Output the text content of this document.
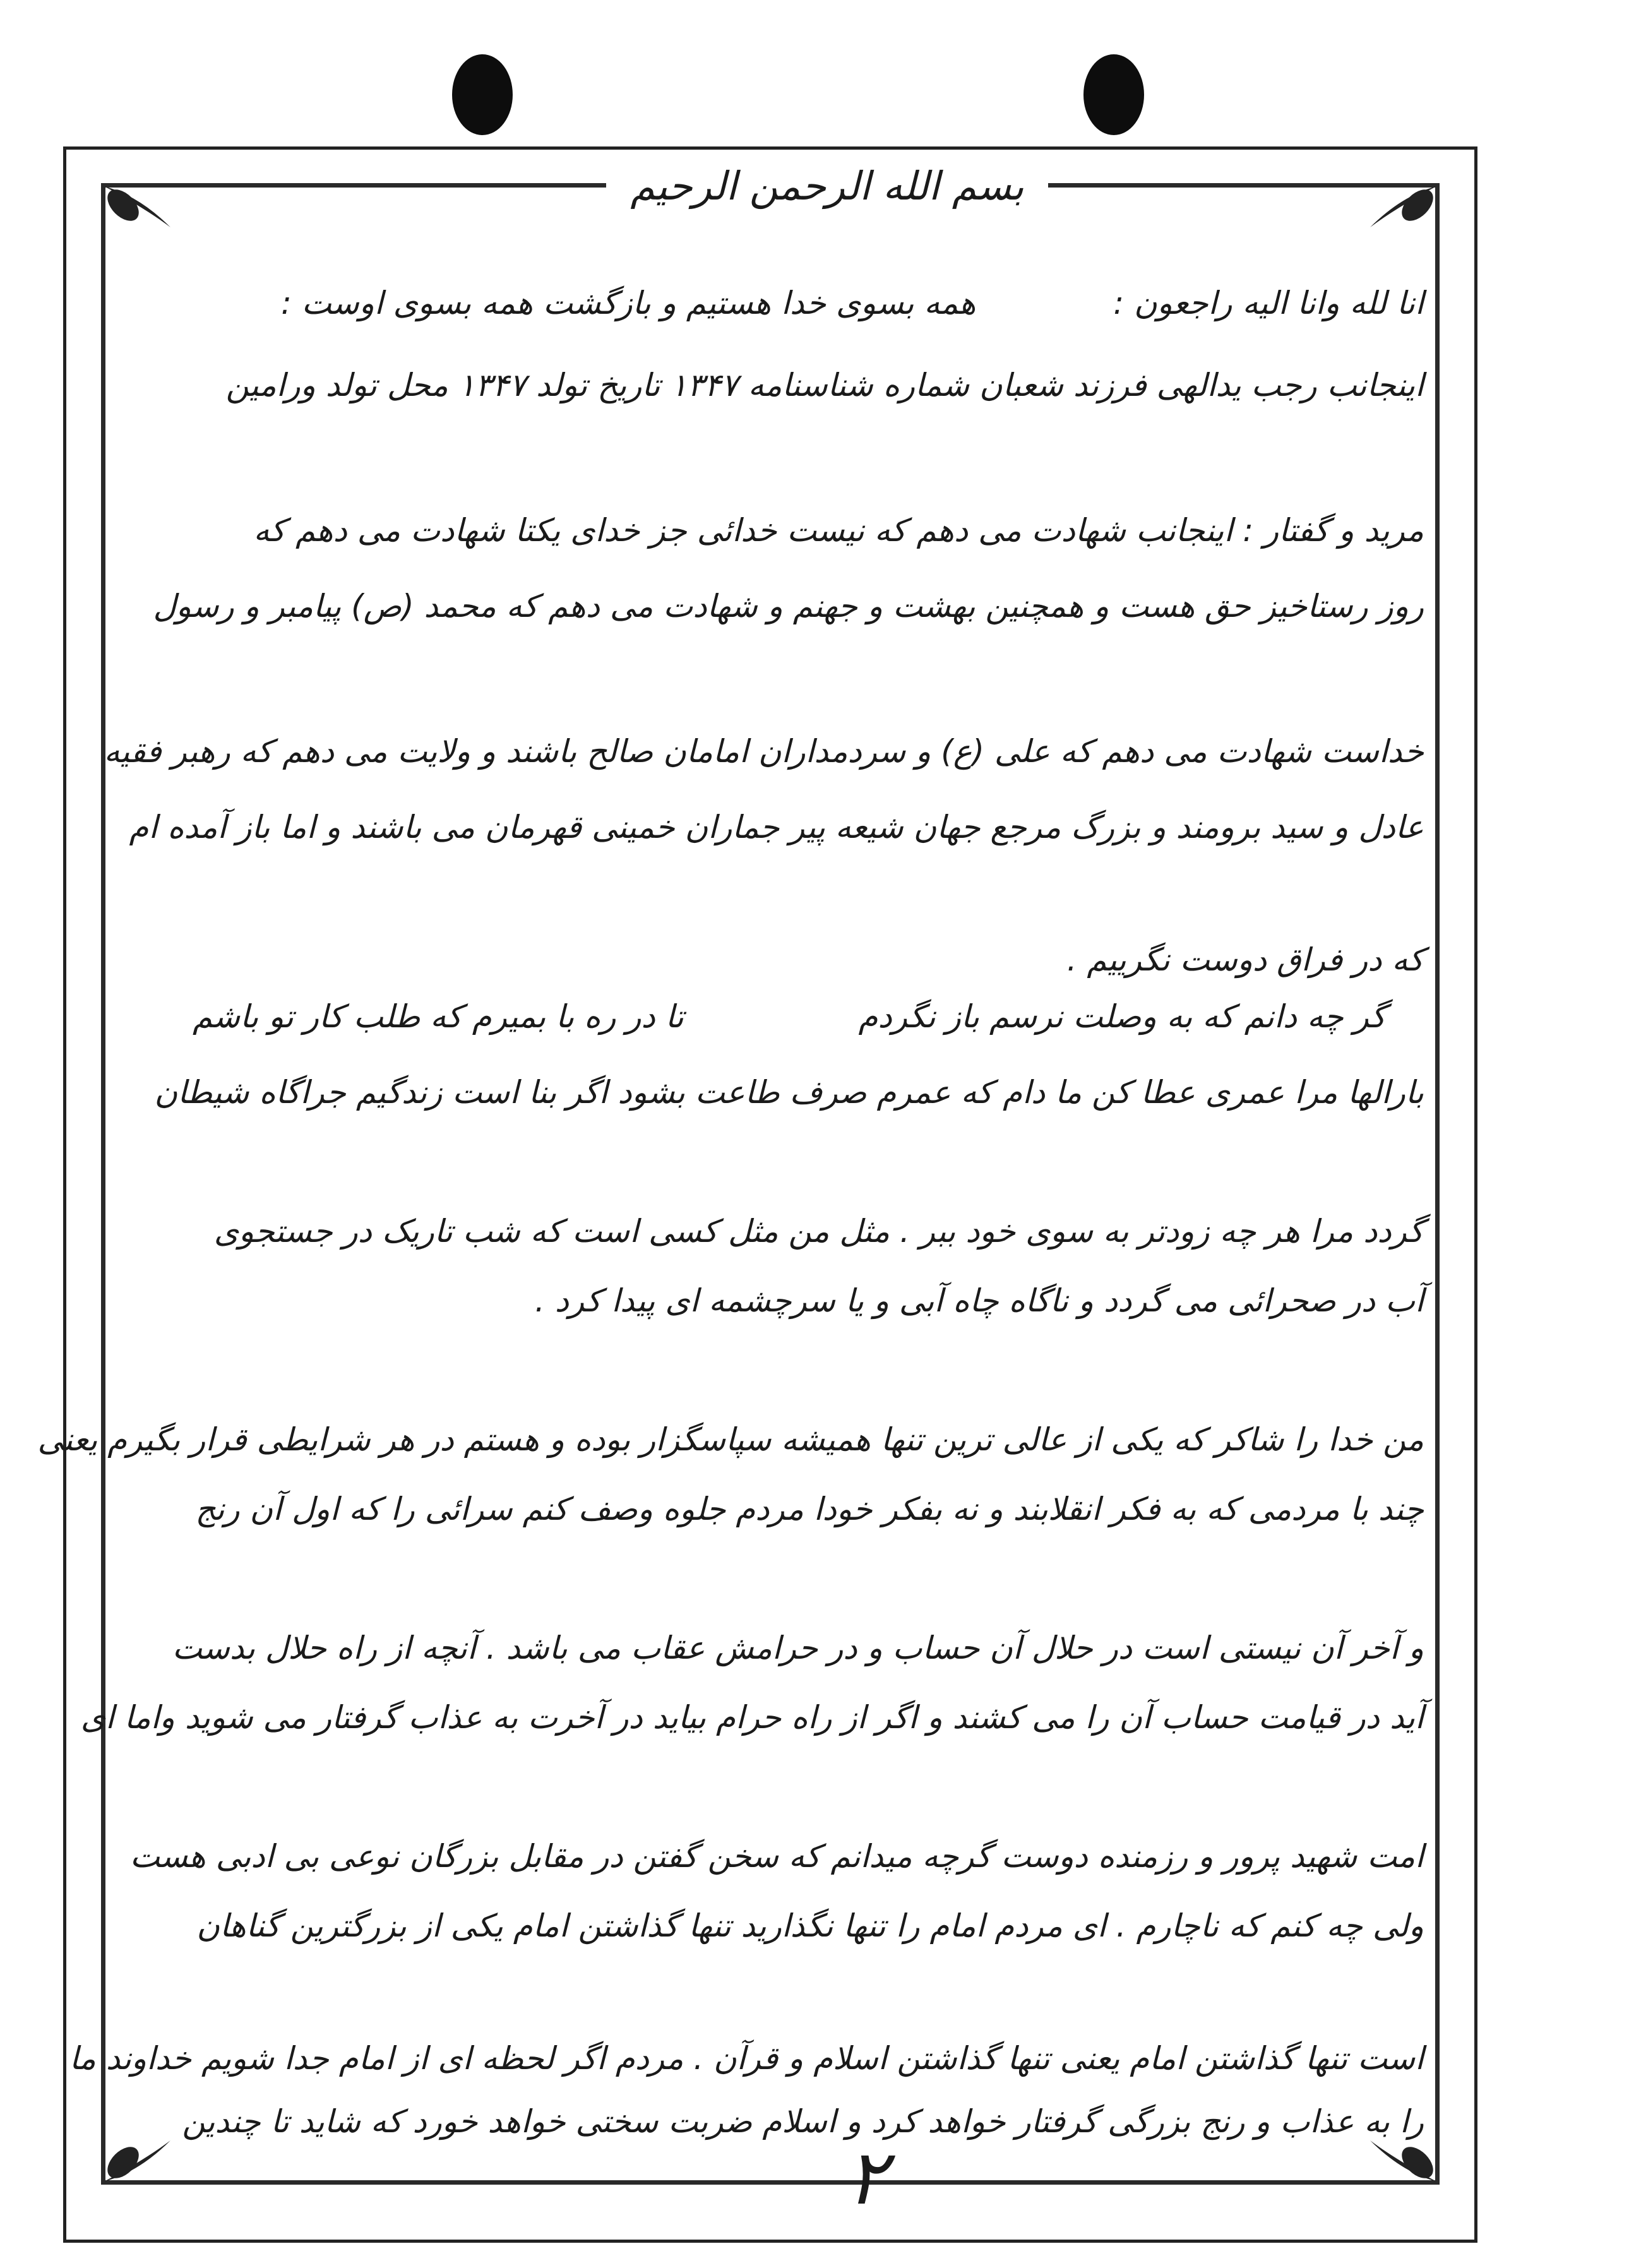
بسم الله الرحمن الرحیم
انا لله وانا الیه راجعون :
همه بسوی خدا هستیم و بازگشت همه بسوی اوست :
اینجانب رجب یدالهی فرزند شعبان شماره شناسنامه ۱۳۴۷ تاریخ تولد ۱۳۴۷ محل تولد ورامین
مرید و گفتار : اینجانب شهادت می دهم که نیست خدائی جز خدای یکتا شهادت می دهم که
روز رستاخیز حق هست و همچنین بهشت و جهنم و شهادت می دهم که محمد (ص) پیامبر و رسول
خداست شهادت می دهم که علی (ع) و سردمداران امامان صالح باشند و ولایت می دهم که رهبر فقیه
عادل و سید برومند و بزرگ مرجع جهان شیعه پیر جماران خمینی قهرمان می باشند و اما باز آمده ام
که در فراق دوست نگرییم .
گر چه دانم که به وصلت نرسم باز نگردم
تا در ره با بمیرم که طلب کار تو باشم
بارالها مرا عمری عطا کن ما دام که عمرم صرف طاعت بشود اگر بنا است زندگیم جراگاه شیطان
گردد مرا هر چه زودتر به سوی خود ببر . مثل من مثل کسی است که شب تاریک در جستجوی
آب در صحرائی می گردد و ناگاه چاه آبی و یا سرچشمه ای پیدا کرد .
من خدا را شاکر که یکی از عالی ترین تنها همیشه سپاسگزار بوده و هستم در هر شرایطی قرار بگیرم یعنی
چند با مردمی که به فکر انقلابند و نه بفکر خودا مردم جلوه وصف کنم سرائی را که اول آن رنج
و آخر آن نیستی است در حلال آن حساب و در حرامش عقاب می باشد . آنچه از راه حلال بدست
آید در قیامت حساب آن را می کشند و اگر از راه حرام بیاید در آخرت به عذاب گرفتار می شوید واما ای
امت شهید پرور و رزمنده دوست گرچه میدانم که سخن گفتن در مقابل بزرگان نوعی بی ادبی هست
ولی چه کنم که ناچارم . ای مردم امام را تنها نگذارید تنها گذاشتن امام یکی از بزرگترین گناهان
است تنها گذاشتن امام یعنی تنها گذاشتن اسلام و قرآن . مردم اگر لحظه ای از امام جدا شویم خداوند ما
را به عذاب و رنج بزرگی گرفتار خواهد کرد و اسلام ضربت سختی خواهد خورد که شاید تا چندین
۲
